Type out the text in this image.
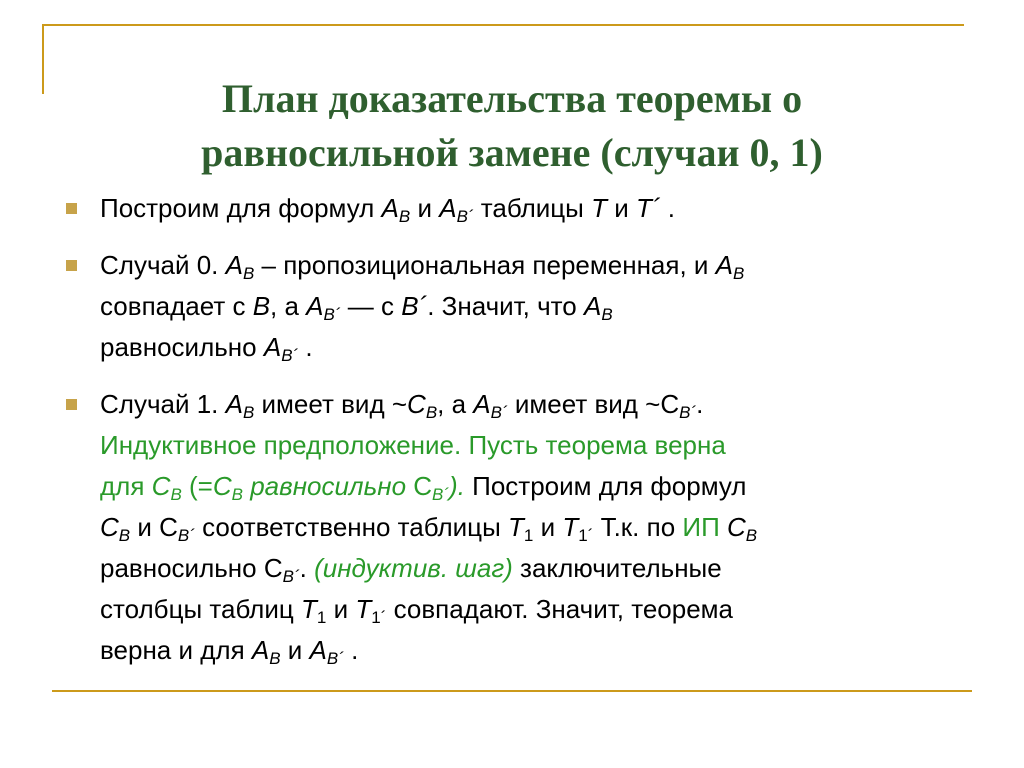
План доказательства теоремы о
равносильной замене (случаи 0, 1)
Построим для формул $A_B$ и $A_{B´}$ таблицы T и T´ .
Случай 0. $A_B$ – пропозициональная переменная, и $A_B$
совпадает с B, а $A_{B´}$ — с B´. Значит, что $A_B$
равносильно $A_{B´}$ .
Случай 1. $A_B$ имеет вид $\sim C_B$, а $A_{B´}$ имеет вид $\sim С_{B´}$.
Индуктивное предположение. Пусть теорема верна
для $C_B$ ($=C_B$ равносильно $С_{B´}$). Построим для формул
$C_B$ и $С_{B´}$ соответственно таблицы $T_1$ и $T_{1´}$ Т.к. по ИП $C_B$
равносильно $С_{B´}$. (индуктив. шаг) заключительные
столбцы таблиц $T_1$ и $T_{1´}$ совпадают. Значит, теорема
верна и для $A_B$ и $A_{B´}$ .
